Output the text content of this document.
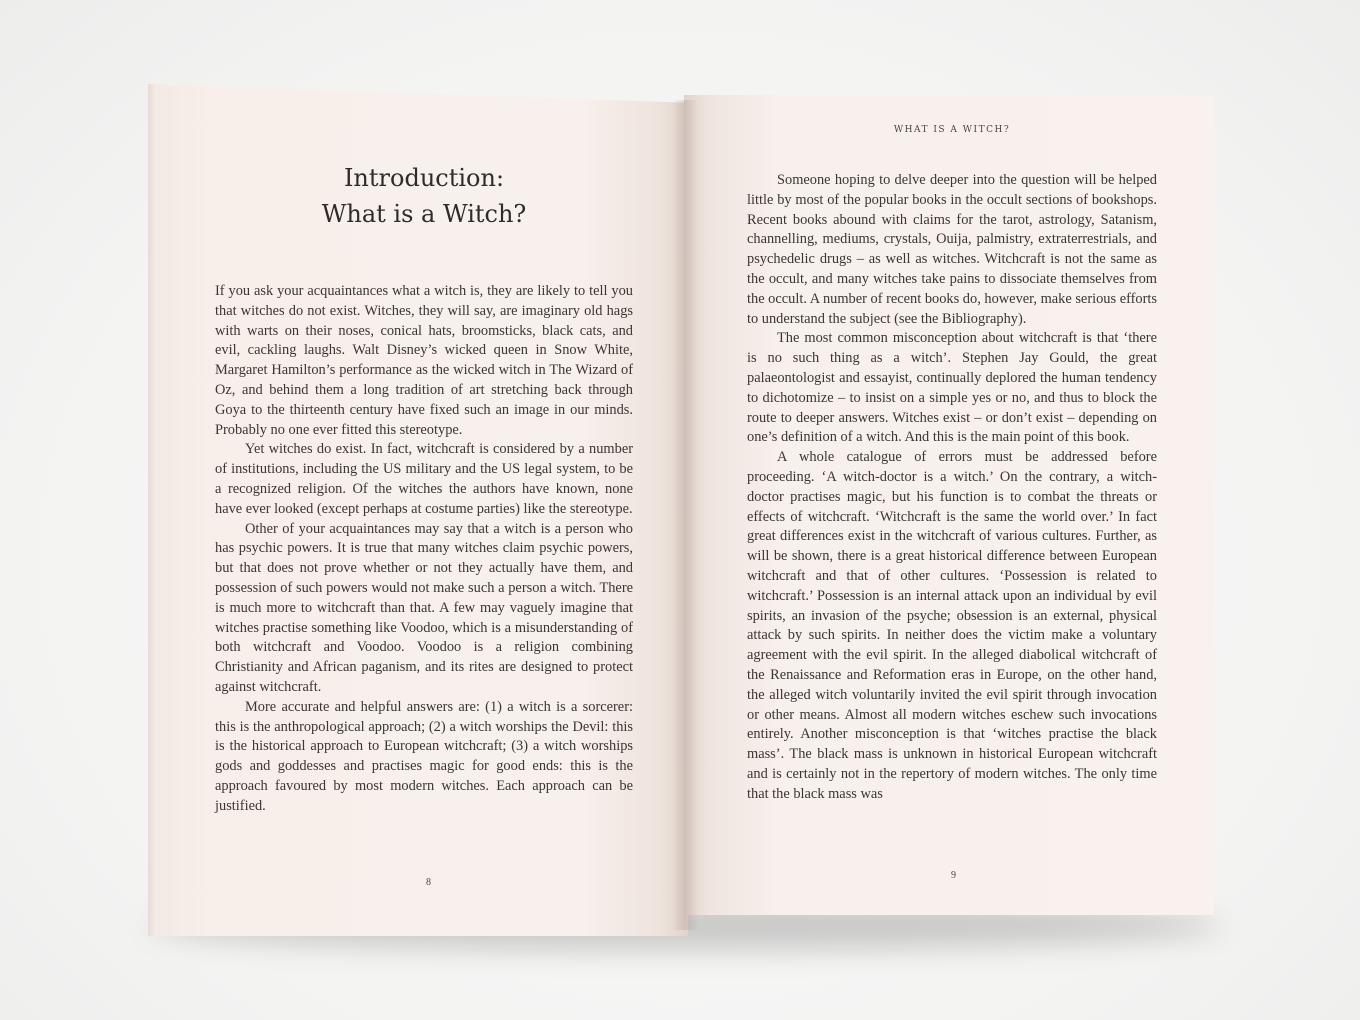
Introduction:
What is a Witch?

If you ask your acquaintances what a witch is, they are likely to tell you that witches do not exist. Witches, they will say, are imaginary old hags with warts on their noses, conical hats, broomsticks, black cats, and evil, cackling laughs. Walt Disney’s wicked queen in Snow White, Margaret Hamilton’s performance as the wicked witch in The Wizard of Oz, and behind them a long tradition of art stretching back through Goya to the thirteenth century have fixed such an image in our minds. Probably no one ever fitted this stereotype.

Yet witches do exist. In fact, witchcraft is considered by a number of institutions, including the US military and the US legal system, to be a recognized religion. Of the witches the authors have known, none have ever looked (except perhaps at costume parties) like the stereotype.

Other of your acquaintances may say that a witch is a person who has psychic powers. It is true that many witches claim psychic powers, but that does not prove whether or not they actually have them, and possession of such powers would not make such a person a witch. There is much more to witchcraft than that. A few may vaguely imagine that witches practise something like Voodoo, which is a misunderstanding of both witchcraft and Voodoo. Voodoo is a religion combining Christianity and African paganism, and its rites are designed to protect against witchcraft.

More accurate and helpful answers are: (1) a witch is a sorcerer: this is the anthropological approach; (2) a witch worships the Devil: this is the historical approach to European witchcraft; (3) a witch worships gods and goddesses and practises magic for good ends: this is the approach favoured by most modern witches. Each approach can be justified.

8
WHAT IS A WITCH?

Someone hoping to delve deeper into the question will be helped little by most of the popular books in the occult sections of bookshops. Recent books abound with claims for the tarot, astrology, Satanism, channelling, mediums, crystals, Ouija, palmistry, extraterrestrials, and psychedelic drugs – as well as witches. Witchcraft is not the same as the occult, and many witches take pains to dissociate themselves from the occult. A number of recent books do, however, make serious efforts to understand the subject (see the Bibliography).

The most common misconception about witchcraft is that ‘there is no such thing as a witch’. Stephen Jay Gould, the great palaeontologist and essayist, continually deplored the human tendency to dichotomize – to insist on a simple yes or no, and thus to block the route to deeper answers. Witches exist – or don’t exist – depending on one’s definition of a witch. And this is the main point of this book.

A whole catalogue of errors must be addressed before proceeding. ‘A witch-doctor is a witch.’ On the contrary, a witch-doctor practises magic, but his function is to combat the threats or effects of witchcraft. ‘Witchcraft is the same the world over.’ In fact great differences exist in the witchcraft of various cultures. Further, as will be shown, there is a great historical difference between European witchcraft and that of other cultures. ‘Possession is related to witchcraft.’ Possession is an internal attack upon an individual by evil spirits, an invasion of the psyche; obsession is an external, physical attack by such spirits. In neither does the victim make a voluntary agreement with the evil spirit. In the alleged diabolical witchcraft of the Renaissance and Reformation eras in Europe, on the other hand, the alleged witch voluntarily invited the evil spirit through invocation or other means. Almost all modern witches eschew such invocations entirely. Another misconception is that ‘witches practise the black mass’. The black mass is unknown in historical European witchcraft and is certainly not in the repertory of modern witches. The only time that the black mass was

9
